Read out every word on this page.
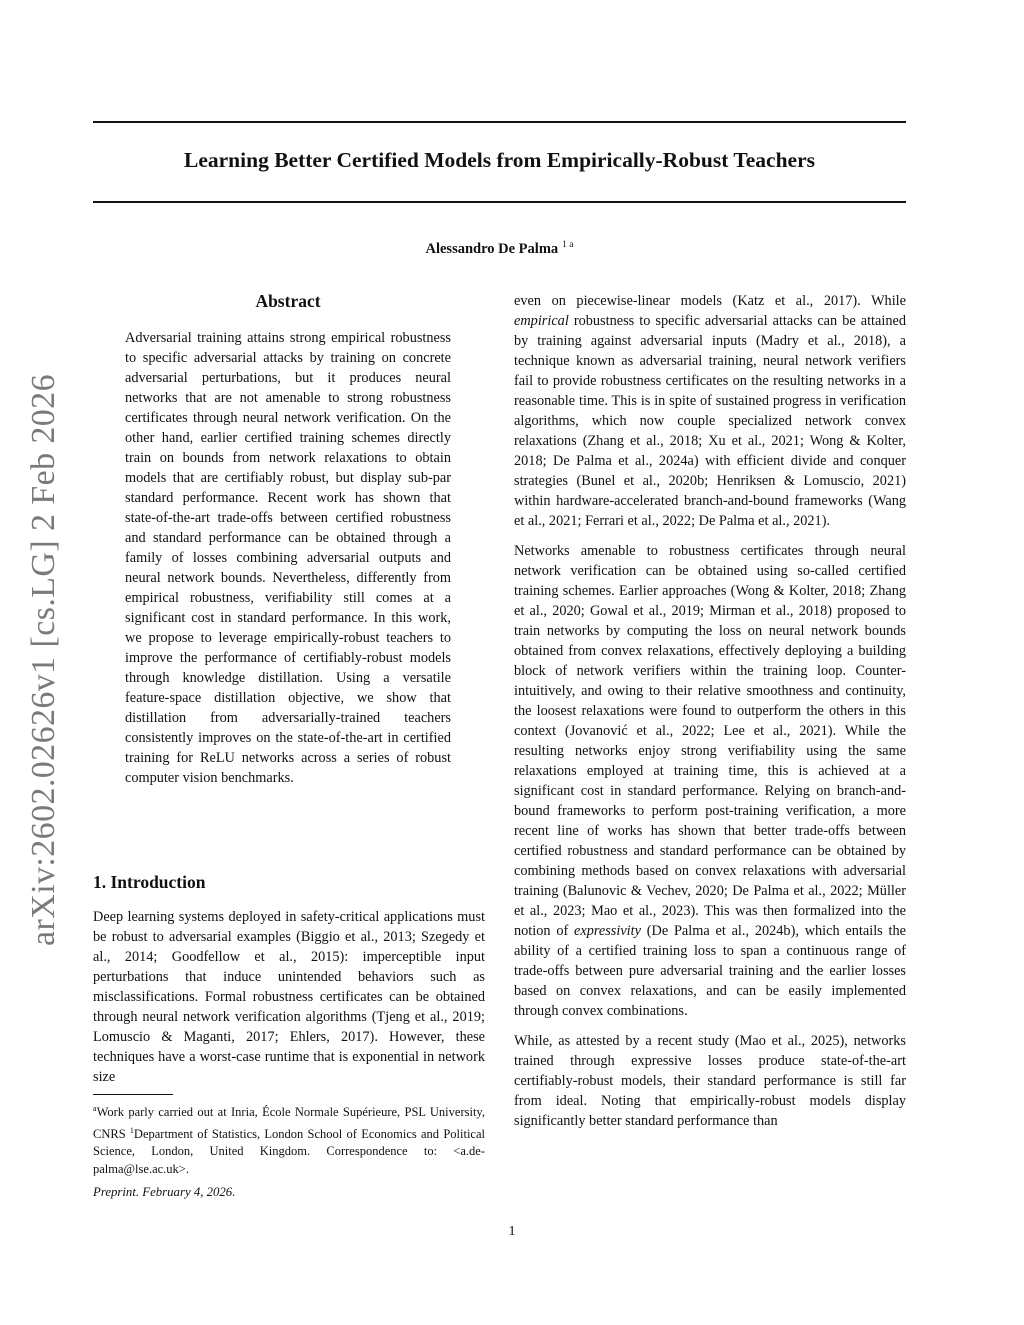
arXiv:2602.02626v1 [cs.LG] 2 Feb 2026
Learning Better Certified Models from Empirically-Robust Teachers
Alessandro De Palma $^{1 a}$
Abstract
Adversarial training attains strong empirical robustness to specific adversarial attacks by training on concrete adversarial perturbations, but it produces neural networks that are not amenable to strong robustness certificates through neural network verification. On the other hand, earlier certified training schemes directly train on bounds from network relaxations to obtain models that are certifiably robust, but display sub-par standard performance. Recent work has shown that state-of-the-art trade-offs between certified robustness and standard performance can be obtained through a family of losses combining adversarial outputs and neural network bounds. Nevertheless, differently from empirical robustness, verifiability still comes at a significant cost in standard performance. In this work, we propose to leverage empirically-robust teachers to improve the performance of certifiably-robust models through knowledge distillation. Using a versatile feature-space distillation objective, we show that distillation from adversarially-trained teachers consistently improves on the state-of-the-art in certified training for ReLU networks across a series of robust computer vision benchmarks.
1. Introduction
Deep learning systems deployed in safety-critical applications must be robust to adversarial examples (Biggio et al., 2013; Szegedy et al., 2014; Goodfellow et al., 2015): imperceptible input perturbations that induce unintended behaviors such as misclassifications. Formal robustness certificates can be obtained through neural network verification algorithms (Tjeng et al., 2019; Lomuscio & Maganti, 2017; Ehlers, 2017). However, these techniques have a worst-case runtime that is exponential in network size
$^a$Work parly carried out at Inria, École Normale Supérieure, PSL University, CNRS $^1$Department of Statistics, London School of Economics and Political Science, London, United Kingdom. Correspondence to: <a.de-palma@lse.ac.uk>.
Preprint. February 4, 2026.

even on piecewise-linear models (Katz et al., 2017). While empirical robustness to specific adversarial attacks can be attained by training against adversarial inputs (Madry et al., 2018), a technique known as adversarial training, neural network verifiers fail to provide robustness certificates on the resulting networks in a reasonable time. This is in spite of sustained progress in verification algorithms, which now couple specialized network convex relaxations (Zhang et al., 2018; Xu et al., 2021; Wong & Kolter, 2018; De Palma et al., 2024a) with efficient divide and conquer strategies (Bunel et al., 2020b; Henriksen & Lomuscio, 2021) within hardware-accelerated branch-and-bound frameworks (Wang et al., 2021; Ferrari et al., 2022; De Palma et al., 2021).

Networks amenable to robustness certificates through neural network verification can be obtained using so-called certified training schemes. Earlier approaches (Wong & Kolter, 2018; Zhang et al., 2020; Gowal et al., 2019; Mirman et al., 2018) proposed to train networks by computing the loss on neural network bounds obtained from convex relaxations, effectively deploying a building block of network verifiers within the training loop. Counter-intuitively, and owing to their relative smoothness and continuity, the loosest relaxations were found to outperform the others in this context (Jovanović et al., 2022; Lee et al., 2021). While the resulting networks enjoy strong verifiability using the same relaxations employed at training time, this is achieved at a significant cost in standard performance. Relying on branch-and-bound frameworks to perform post-training verification, a more recent line of works has shown that better trade-offs between certified robustness and standard performance can be obtained by combining methods based on convex relaxations with adversarial training (Balunovic & Vechev, 2020; De Palma et al., 2022; Müller et al., 2023; Mao et al., 2023). This was then formalized into the notion of expressivity (De Palma et al., 2024b), which entails the ability of a certified training loss to span a continuous range of trade-offs between pure adversarial training and the earlier losses based on convex relaxations, and can be easily implemented through convex combinations.

While, as attested by a recent study (Mao et al., 2025), networks trained through expressive losses produce state-of-the-art certifiably-robust models, their standard performance is still far from ideal. Noting that empirically-robust models display significantly better standard performance than

1
